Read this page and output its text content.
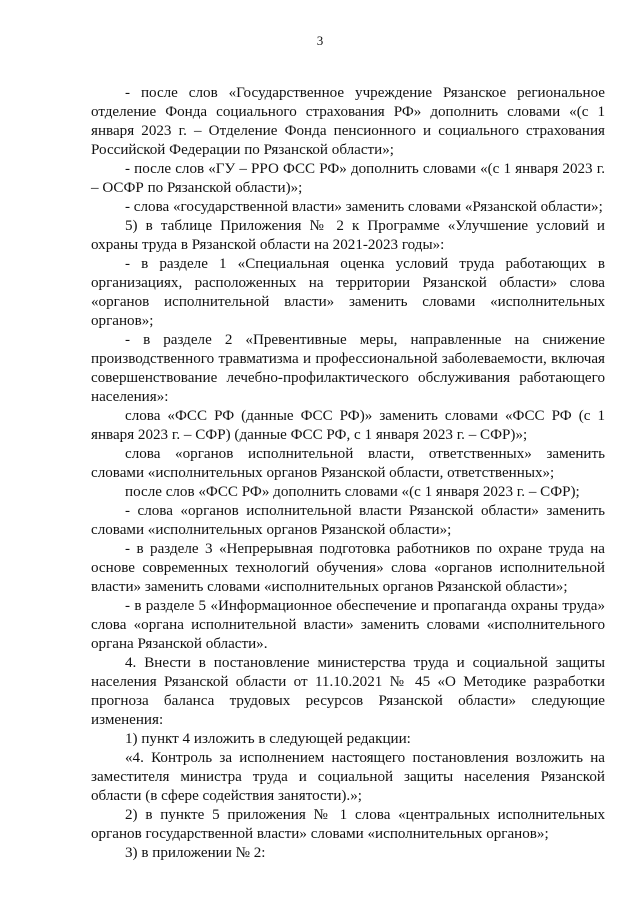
3

- после слов «Государственное учреждение Рязанское региональное отделение Фонда социального страхования РФ» дополнить словами «(с 1 января 2023 г. – Отделение Фонда пенсионного и социального страхования Российской Федерации по Рязанской области»;

- после слов «ГУ – РРО ФСС РФ» дополнить словами «(с 1 января 2023 г. – ОСФР по Рязанской области)»;

- слова «государственной власти» заменить словами «Рязанской области»;

5) в таблице Приложения № 2 к Программе «Улучшение условий и охраны труда в Рязанской области на 2021-2023 годы»:

- в разделе 1 «Специальная оценка условий труда работающих в организациях, расположенных на территории Рязанской области» слова «органов исполнительной власти» заменить словами «исполнительных органов»;

- в разделе 2 «Превентивные меры, направленные на снижение производственного травматизма и профессиональной заболеваемости, включая совершенствование лечебно-профилактического обслуживания работающего населения»:

слова «ФСС РФ (данные ФСС РФ)» заменить словами «ФСС РФ (с 1 января 2023 г. – СФР) (данные ФСС РФ, с 1 января 2023 г. – СФР)»;

слова «органов исполнительной власти, ответственных» заменить словами «исполнительных органов Рязанской области, ответственных»;

после слов «ФСС РФ» дополнить словами «(с 1 января 2023 г. – СФР);

- слова «органов исполнительной власти Рязанской области» заменить словами «исполнительных органов Рязанской области»;

- в разделе 3 «Непрерывная подготовка работников по охране труда на основе современных технологий обучения» слова «органов исполнительной власти» заменить словами «исполнительных органов Рязанской области»;

- в разделе 5 «Информационное обеспечение и пропаганда охраны труда» слова «органа исполнительной власти» заменить словами «исполнительного органа Рязанской области».

4. Внести в постановление министерства труда и социальной защиты населения Рязанской области от 11.10.2021 № 45 «О Методике разработки прогноза баланса трудовых ресурсов Рязанской области» следующие изменения:

1) пункт 4 изложить в следующей редакции:

«4. Контроль за исполнением настоящего постановления возложить на заместителя министра труда и социальной защиты населения Рязанской области (в сфере содействия занятости).»;

2) в пункте 5 приложения № 1 слова «центральных исполнительных органов государственной власти» словами «исполнительных органов»;

3) в приложении № 2:
